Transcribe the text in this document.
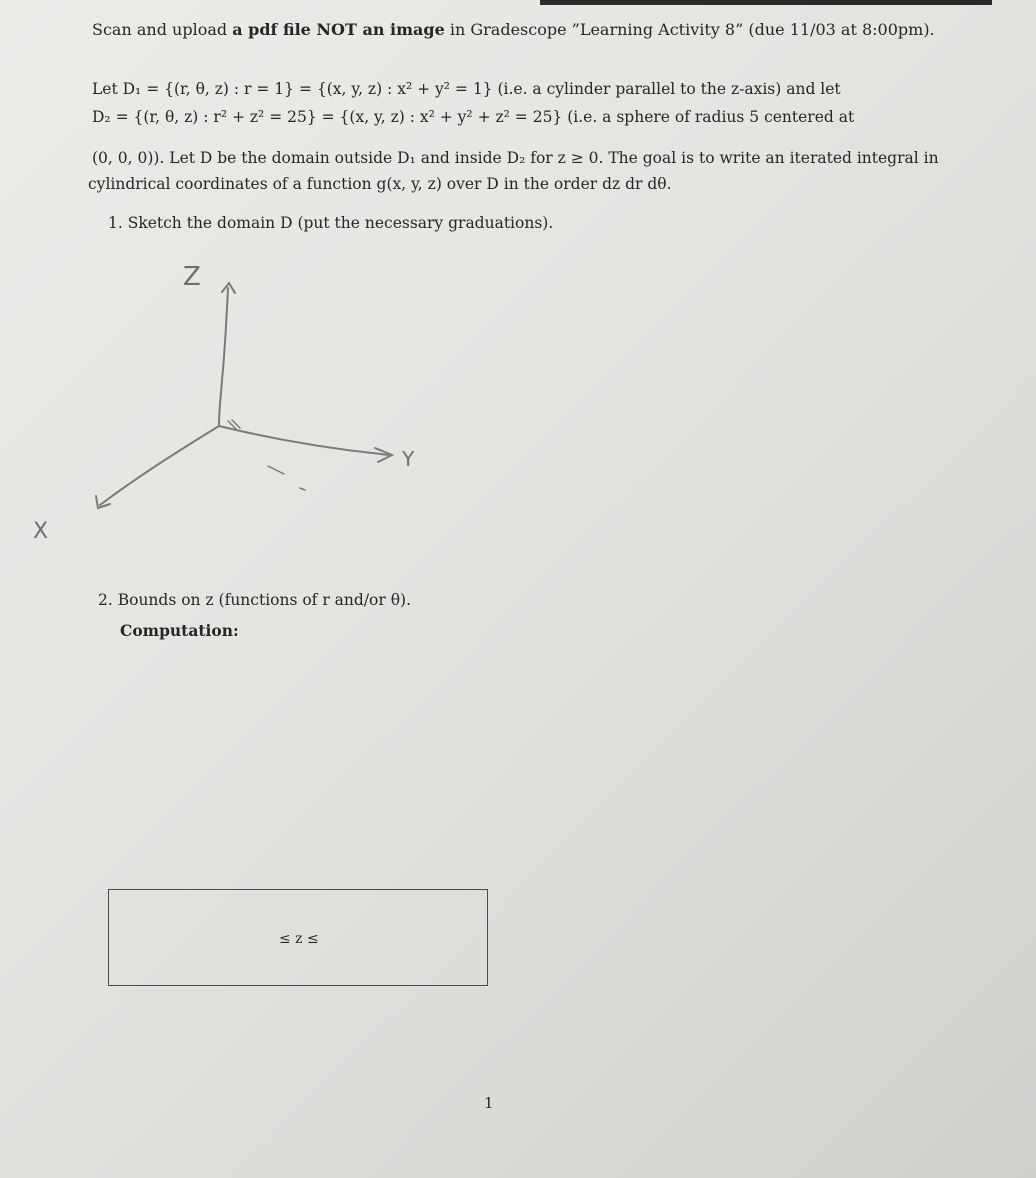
Scan and upload a pdf file NOT an image in Gradescope ”Learning Activity 8” (due 11/03 at 8:00pm).
Let D₁ = {(r, θ, z) : r = 1} = {(x, y, z) : x² + y² = 1} (i.e. a cylinder parallel to the z-axis) and let
D₂ = {(r, θ, z) : r² + z² = 25} = {(x, y, z) : x² + y² + z² = 25} (i.e. a sphere of radius 5 centered at
(0, 0, 0)). Let D be the domain outside D₁ and inside D₂ for z ≥ 0. The goal is to write an iterated integral in
cylindrical coordinates of a function g(x, y, z) over D in the order dz dr dθ.
1. Sketch the domain D (put the necessary graduations).
Z
Y
X
2. Bounds on z (functions of r and/or θ).
Computation:
≤ z ≤
1
